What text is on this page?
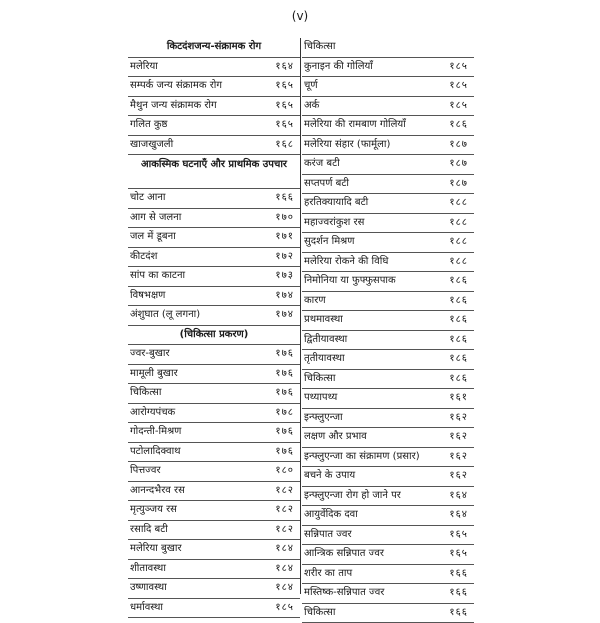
(v)
किटदंशजन्य-संक्रामक रोग
मलेरिया	१६४
सम्पर्क जन्य संक्रामक रोग	१६५
मैथुन जन्य संक्रामक रोग	१६५
गलित कुष्ठ	१६५
खाजखुजली	१६८
आकस्मिक घटनाएँ और प्राथमिक उपचार
चोट आना	१६६
आग से जलना	१७०
जल में डूबना	१७१
कीटदंश	१७२
सांप का काटना	१७३
विषभक्षण	१७४
अंशुघात (लू लगना)	१७४
(चिकित्सा प्रकरण)
ज्वर-बुखार	१७६
मामूली बुखार	१७६
चिकित्सा	१७६
आरोग्यपंचक	१७८
गोदन्ती-मिश्रण	१७६
पटोलादिक्वाथ	१७६
पित्तज्वर	१८०
आनन्दभैरव रस	१८२
मृत्युञ्जय रस	१८२
रसादि बटी	१८२
मलेरिया बुखार	१८४
शीतावस्था	१८४
उष्णावस्था	१८४
धर्मावस्था	१८५
चिकित्सा
कुनाइन की गोलियाँ	१८५
चूर्ण	१८५
अर्क	१८५
मलेरिया की रामबाण गोलियाँ	१८६
मलेरिया संहार (फार्मूला)	१८७
करंज बटी	१८७
सप्तपर्ण बटी	१८७
हरतिक्यायादि बटी	१८८
महाज्वरांकुश रस	१८८
सुदर्शन मिश्रण	१८८
मलेरिया रोकने की विधि	१८८
निमोनिया या फुफ्फुसपाक	१८६
कारण	१८६
प्रथमावस्था	१८६
द्वितीयावस्था	१८६
तृतीयावस्था	१८६
चिकित्सा	१८६
पथ्यापथ्य	१६१
इन्फ्लुएन्जा	१६२
लक्षण और प्रभाव	१६२
इन्फ्लुएन्जा का संक्रामण (प्रसार)	१६२
बचने के उपाय	१६२
इन्फ्लुएन्जा रोग हो जाने पर	१६४
आयुर्वेदिक दवा	१६४
सन्निपात ज्वर	१६५
आन्त्रिक सन्निपात ज्वर	१६५
शरीर का ताप	१६६
मस्तिष्क-सन्निपात ज्वर	१६६
चिकित्सा	१६६
